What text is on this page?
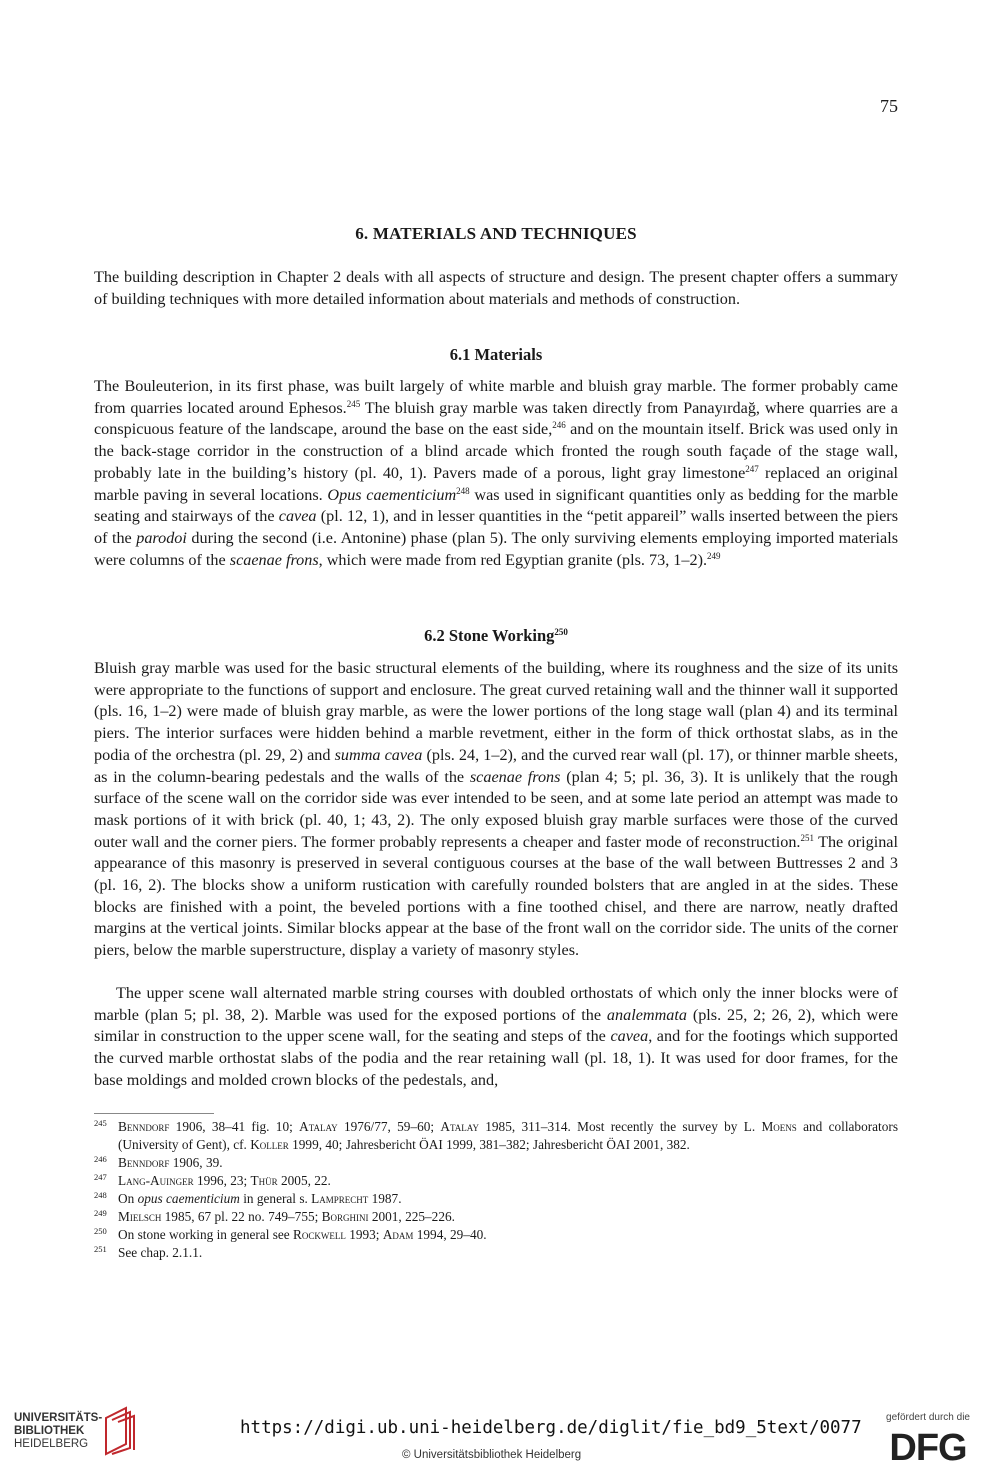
75
6. MATERIALS AND TECHNIQUES

The building description in Chapter 2 deals with all aspects of structure and design. The present chapter offers a summary of building techniques with more detailed information about materials and methods of construction.

6.1 Materials

The Bouleuterion, in its first phase, was built largely of white marble and bluish gray marble. The former probably came from quarries located around Ephesos.$^{245}$ The bluish gray marble was taken directly from Panayırdağ, where quarries are a conspicuous feature of the landscape, around the base on the east side,$^{246}$ and on the mountain itself. Brick was used only in the back-stage corridor in the construction of a blind arcade which fronted the rough south façade of the stage wall, probably late in the building’s history (pl. 40, 1). Pavers made of a porous, light gray limestone$^{247}$ replaced an original marble paving in several locations. Opus caementicium$^{248}$ was used in significant quantities only as bedding for the marble seating and stairways of the cavea (pl. 12, 1), and in lesser quantities in the “petit appareil” walls inserted between the piers of the parodoi during the second (i.e. Antonine) phase (plan 5). The only surviving elements employing imported materials were columns of the scaenae frons, which were made from red Egyptian granite (pls. 73, 1–2).$^{249}$

6.2 Stone Working$^{250}$

Bluish gray marble was used for the basic structural elements of the building, where its roughness and the size of its units were appropriate to the functions of support and enclosure. The great curved retaining wall and the thinner wall it supported (pls. 16, 1–2) were made of bluish gray marble, as were the lower portions of the long stage wall (plan 4) and its terminal piers. The interior surfaces were hidden behind a marble revetment, either in the form of thick orthostat slabs, as in the podia of the orchestra (pl. 29, 2) and summa cavea (pls. 24, 1–2), and the curved rear wall (pl. 17), or thinner marble sheets, as in the column-bearing pedestals and the walls of the scaenae frons (plan 4; 5; pl. 36, 3). It is unlikely that the rough surface of the scene wall on the corridor side was ever intended to be seen, and at some late period an attempt was made to mask portions of it with brick (pl. 40, 1; 43, 2). The only exposed bluish gray marble surfaces were those of the curved outer wall and the corner piers. The former probably represents a cheaper and faster mode of reconstruction.$^{251}$ The original appearance of this masonry is preserved in several contiguous courses at the base of the wall between Buttresses 2 and 3 (pl. 16, 2). The blocks show a uniform rustication with carefully rounded bolsters that are angled in at the sides. These blocks are finished with a point, the beveled portions with a fine toothed chisel, and there are narrow, neatly drafted margins at the vertical joints. Similar blocks appear at the base of the front wall on the corridor side. The units of the corner piers, below the marble superstructure, display a variety of masonry styles.

The upper scene wall alternated marble string courses with doubled orthostats of which only the inner blocks were of marble (plan 5; pl. 38, 2). Marble was used for the exposed portions of the analemmata (pls. 25, 2; 26, 2), which were similar in construction to the upper scene wall, for the seating and steps of the cavea, and for the footings which supported the curved marble orthostat slabs of the podia and the rear retaining wall (pl. 18, 1). It was used for door frames, for the base moldings and molded crown blocks of the pedestals, and,

$^{245}$ Benndorf 1906, 38–41 fig. 10; Atalay 1976/77, 59–60; Atalay 1985, 311–314. Most recently the survey by L. Moens and collaborators (University of Gent), cf. Koller 1999, 40; Jahresbericht ÖAI 1999, 381–382; Jahresbericht ÖAI 2001, 382.
$^{246}$ Benndorf 1906, 39.
$^{247}$ Lang-Auinger 1996, 23; Thür 2005, 22.
$^{248}$ On opus caementicium in general s. Lamprecht 1987.
$^{249}$ Mielsch 1985, 67 pl. 22 no. 749–755; Borghini 2001, 225–226.
$^{250}$ On stone working in general see Rockwell 1993; Adam 1994, 29–40.
$^{251}$ See chap. 2.1.1.
UNIVERSITÄTS-
BIBLIOTHEK
HEIDELBERG
https://digi.ub.uni-heidelberg.de/diglit/fie_bd9_5text/0077
© Universitätsbibliothek Heidelberg
gefördert durch die
DFG
